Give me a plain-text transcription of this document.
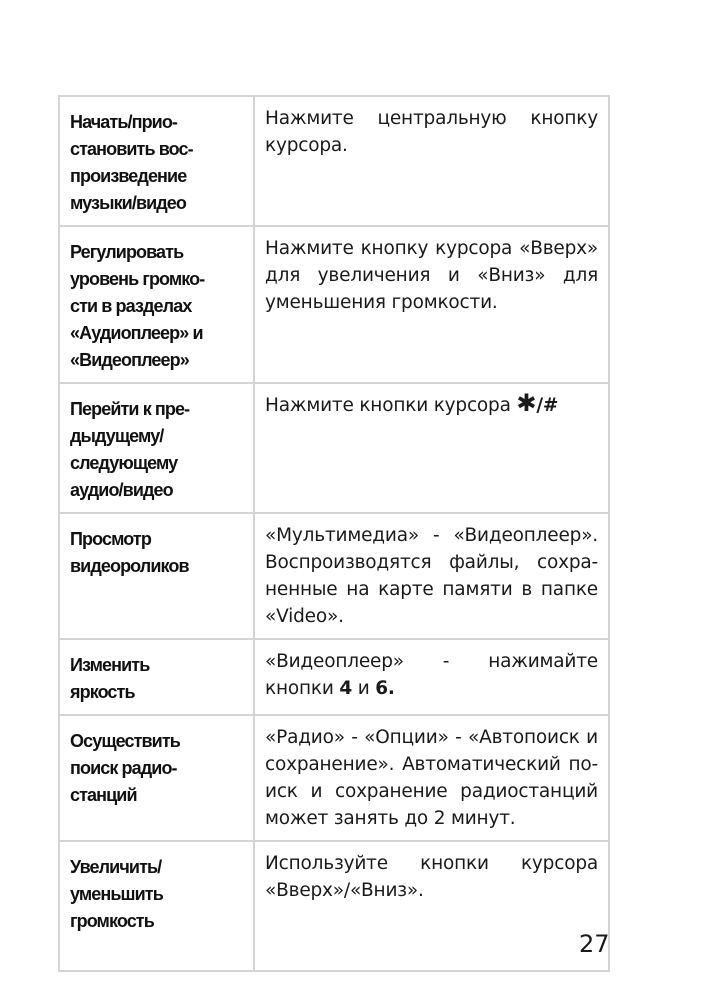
Начать/прио-
становить вос-
произведение
музыки/видео	Нажмите центральную кнопку курсора.
Регулировать
уровень громко-
сти в разделах
«Аудиоплеер» и
«Видеоплеер»	Нажмите кнопку курсора «Вверх» для увеличения и «Вниз» для уменьшения громкости.
Перейти к пре-
дыдущему/
следующему
аудио/видео	Нажмите кнопки курсора ✱/#
Просмотр
видеороликов	«Мультимедиа» - «Видеоплеер». Воспроизводятся файлы, сохра-ненные на карте памяти в папке «Video».
Изменить
яркость	«Видеоплеер» - нажимайте кнопки 4 и 6.
Осуществить
поиск радио-
станций	«Радио» - «Опции» - «Автопоиск и сохранение». Автоматический по-иск и сохранение радиостанций может занять до 2 минут.
Увеличить/
уменьшить
громкость	Используйте кнопки курсора «Вверх»/«Вниз».
27
